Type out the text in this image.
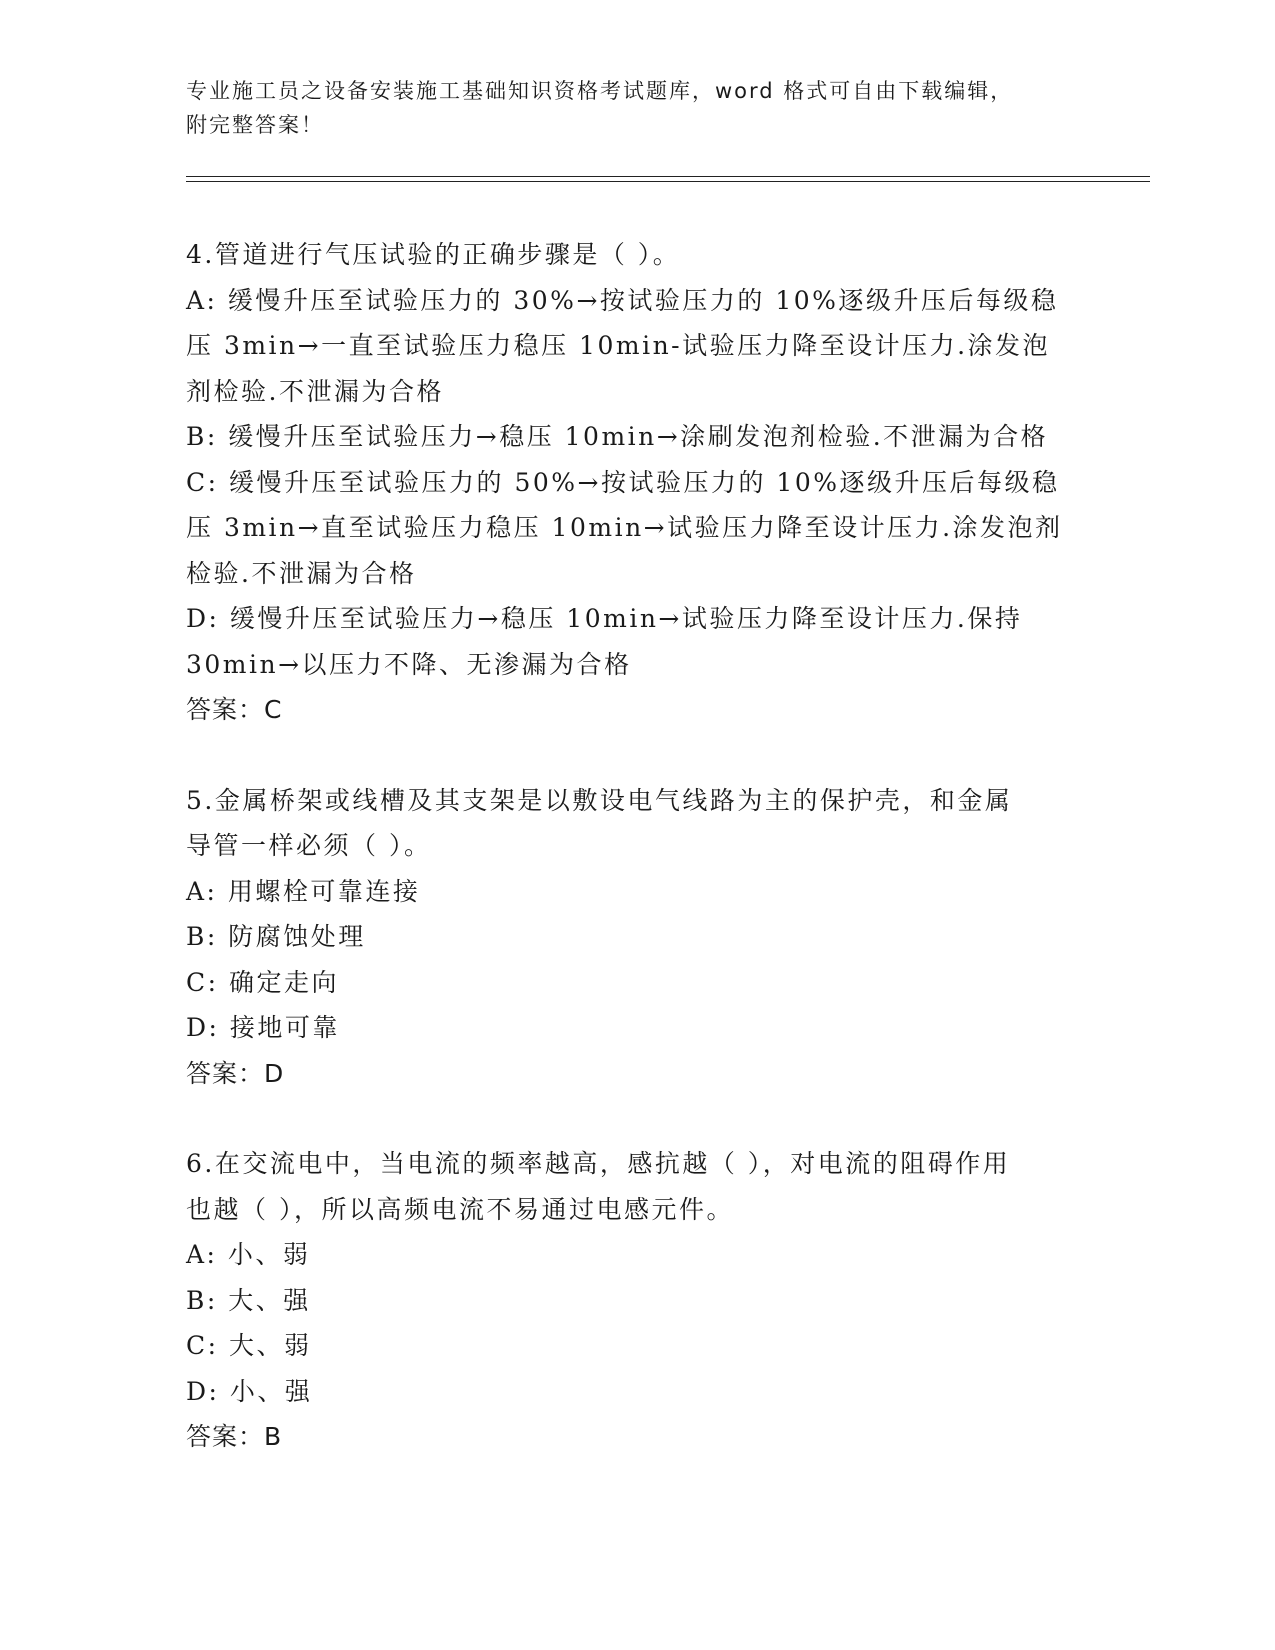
专业施工员之设备安装施工基础知识资格考试题库，word 格式可自由下载编辑，
附完整答案！
4.管道进行气压试验的正确步骤是（ ）。
A: 缓慢升压至试验压力的 30%→按试验压力的 10%逐级升压后每级稳
压 3min→一直至试验压力稳压 10min-试验压力降至设计压力.涂发泡
剂检验.不泄漏为合格
B: 缓慢升压至试验压力→稳压 10min→涂刷发泡剂检验.不泄漏为合格
C: 缓慢升压至试验压力的 50%→按试验压力的 10%逐级升压后每级稳
压 3min→直至试验压力稳压 10min→试验压力降至设计压力.涂发泡剂
检验.不泄漏为合格
D: 缓慢升压至试验压力→稳压 10min→试验压力降至设计压力.保持
30min→以压力不降、无渗漏为合格
答案：C
5.金属桥架或线槽及其支架是以敷设电气线路为主的保护壳，和金属
导管一样必须（ ）。
A: 用螺栓可靠连接
B: 防腐蚀处理
C: 确定走向
D: 接地可靠
答案：D
6.在交流电中，当电流的频率越高，感抗越（ ），对电流的阻碍作用
也越（ ），所以高频电流不易通过电感元件。
A: 小、弱
B: 大、强
C: 大、弱
D: 小、强
答案：B
